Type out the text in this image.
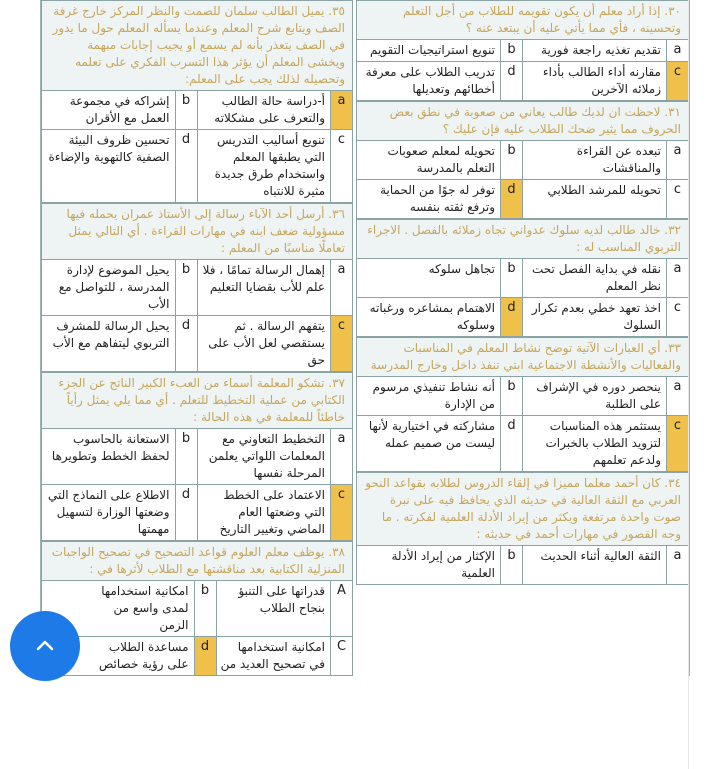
٣٠. إذا أراد معلم أن يكون تقويمه للطلاب من أجل التعلم وتحسينه ، فأي مما يأتي عليه أن يبتعد عنه ؟
a
تقديم تغذيه راجعة فورية
b
تنويع استراتيجيات التقويم
c
مقارنه أداء الطالب بأداء زملائه الآخرين
d
تدريب الطلاب على معرفة أخطائهم وتعديلها
٣١. لاحظت ان لديك طالب يعاني من صعوبة في نطق بعض الحروف مما يثير ضحك الطلاب عليه فإن عليك ؟
a
تبعده عن القراءة والمناقشات
b
تحويله لمعلم صعوبات التعلم بالمدرسة
c
تحويله للمرشد الطلابي
d
توفر له جوًا من الحماية وترفع ثقته بنفسه
٣٢. خالد طالب لديه سلوك عدواني تجاه زملائه بالفصل . الاجراء التربوي المناسب له :
a
نقله في بداية الفصل تحت نظر المعلم
b
تجاهل سلوكه
c
اخذ تعهد خطي بعدم تكرار السلوك
d
الاهتمام بمشاعره ورغباته وسلوكه
٣٣. أي العبارات الآتية توضح نشاط المعلم في المناسبات والفعاليات والأنشطة الاجتماعية ابتي تنفذ داخل وخارج المدرسة
a
ينحصر دوره في الإشراف على الطلبة
b
أنه نشاط تنفيذي مرسوم من الإدارة
c
يستثمر هذه المناسبات لتزويد الطلاب بالخبرات ولدعم تعلمهم
d
مشاركته في اختيارية لأنها ليست من صميم عمله
٣٤. كان أحمد معلما مميزا في إلقاء الدروس لطلابه بقواعد النحو العربي مع الثقة العالية في حديثه الذي يحافظ فيه على نبرة صوت واحدة مرتفعة ويكثر من إيراد الأدلة العلمية لفكرته . ما وجه القصور في مهارات أحمد في حديثه :
a
الثقة العالية أثناء الحديث
b
الإكثار من إيراد الأدلة العلمية
٣٥. يميل الطالب سلمان للصمت والنظر المركز خارج غرفة الصف ويتابع شرح المعلم وعندما يسأله المعلم حول ما يدور في الصف يتعذر بأنه لم يسمع أو يجيب إجابات مبهمة ويخشى المعلم أن يؤثر هذا التسرب الفكري على تعلمه وتحصيله لذلك يجب على المعلم:
a
أ-دراسة حالة الطالب والتعرف على مشكلاته
b
إشراكه في مجموعة العمل مع الأقران
c
تنويع أساليب التدريس التي يطبقها المعلم واستخدام طرق جديدة مثيرة للانتباه
d
تحسين ظروف البيئة الصفية كالتهوية والإضاءة
٣٦. أرسل أحد الآباء رسالة إلى الأستاذ عمران يحمله فيها مسؤولية ضعف ابنه في مهارات القراءة . أي التالي يمثل تعاملًا مناسبًا من المعلم :
a
إهمال الرسالة تمامًا ، فلا علم للأب بقضايا التعليم
b
يحيل الموضوع لإدارة المدرسة ، للتواصل مع الأب
c
يتفهم الرسالة . ثم يستقصي لعل الأب على حق
d
يحيل الرسالة للمشرف التربوي ليتفاهم مع الأب
٣٧. تشكو المعلمة أسماء من العبء الكبير الناتج عن الجزء الكتابي من عملية التخطيط للتعلم . أي مما يلي يمثل رأياً خاطئاً للمعلمة في هذه الحالة :
a
التخطيط التعاوني مع المعلمات اللواتي يعلمن المرحلة نفسها
b
الاستعانة بالحاسوب لحفظ الخطط وتطويرها
c
الاعتماد على الخطط التي وضعتها العام الماضي وتغيير التاريخ
d
الاطلاع على النماذج التي وضعتها الوزارة لتسهيل مهمتها
٣٨. يوظف معلم العلوم قواعد التصحيح في تصحيح الواجبات المنزلية الكتابية بعد مناقشتها مع الطلاب لأثرها في :
A
قدراتها على التنبؤ بنجاح الطلاب
b
امكانية استخدامها لمدى واسع من الزمن
C
امكانية استخدامها في تصحيح العديد من
d
مساعدة الطلاب على رؤية خصائص
